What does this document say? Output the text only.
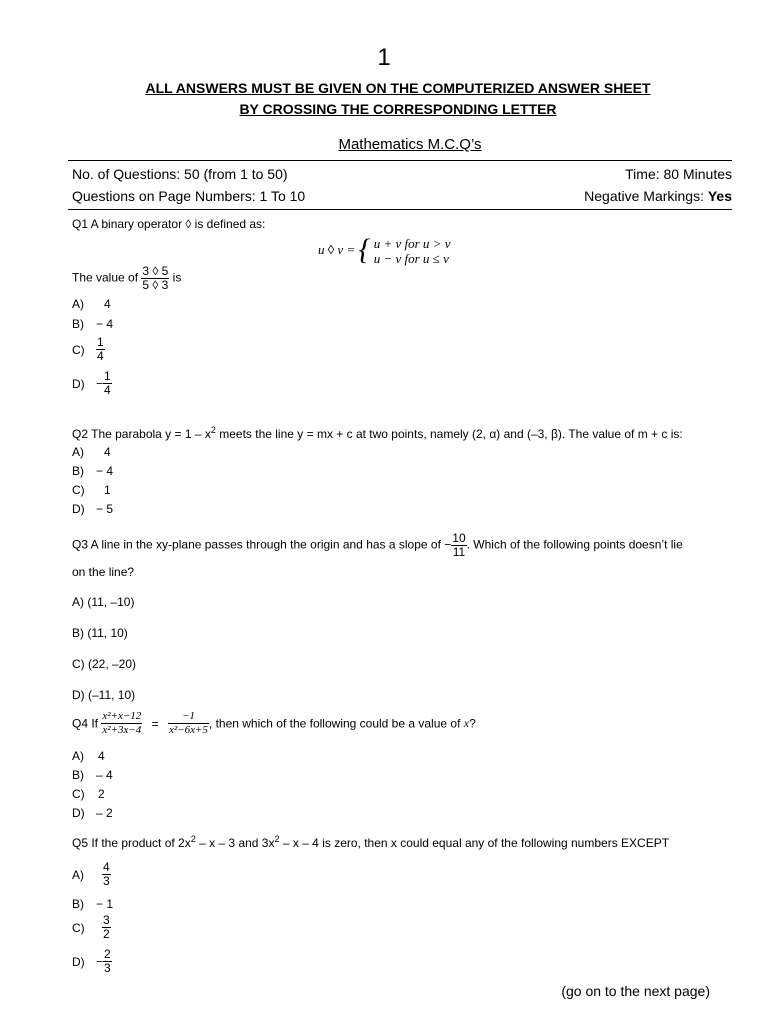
1
ALL ANSWERS MUST BE GIVEN ON THE COMPUTERIZED ANSWER SHEET
BY CROSSING THE CORRESPONDING LETTER
Mathematics M.C.Q’s
No. of Questions: 50 (from 1 to 50)	Time: 80 Minutes
Questions on Page Numbers: 1 To 10	Negative Markings: Yes
Q1 A binary operator ◊ is defined as:
u ◊ v = { u + v for u > v
u − v for u ≤ v
The value of $\frac{3 ◊ 5}{5 ◊ 3}$ is
A) 4
B) − 4
$C) \frac{1}{4}$
$D) - \frac{1}{4}$
Q2 The parabola $y = 1 - x^2$ meets the line y = mx + c at two points, namely (2, α) and (–3, β). The value of m + c is:
A) 4
B) − 4
C) 1
D) − 5
Q3 A line in the xy-plane passes through the origin and has a slope of − $\frac{10}{11}$ . Which of the following points doesn’t lie
on the line?
A) (11, –10)
B) (11, 10)
C) (22, –20)
D) (–11, 10)
Q4 If $\frac{\text{x²+x−12}}{\text{x²+3x−4}} = \frac{-1}{\text{x²−6x+5}}$ , then which of the following could be a value of x?
A) 4
B) – 4
C) 2
D) – 2
Q5 If the product of $2x^2$ – x – 3 and $3x^2$ – x – 4 is zero, then x could equal any of the following numbers EXCEPT
$A) \frac{4}{3}$
B) − 1
$C) \frac{3}{2}$
$D) - \frac{2}{3}$
(go on to the next page)
